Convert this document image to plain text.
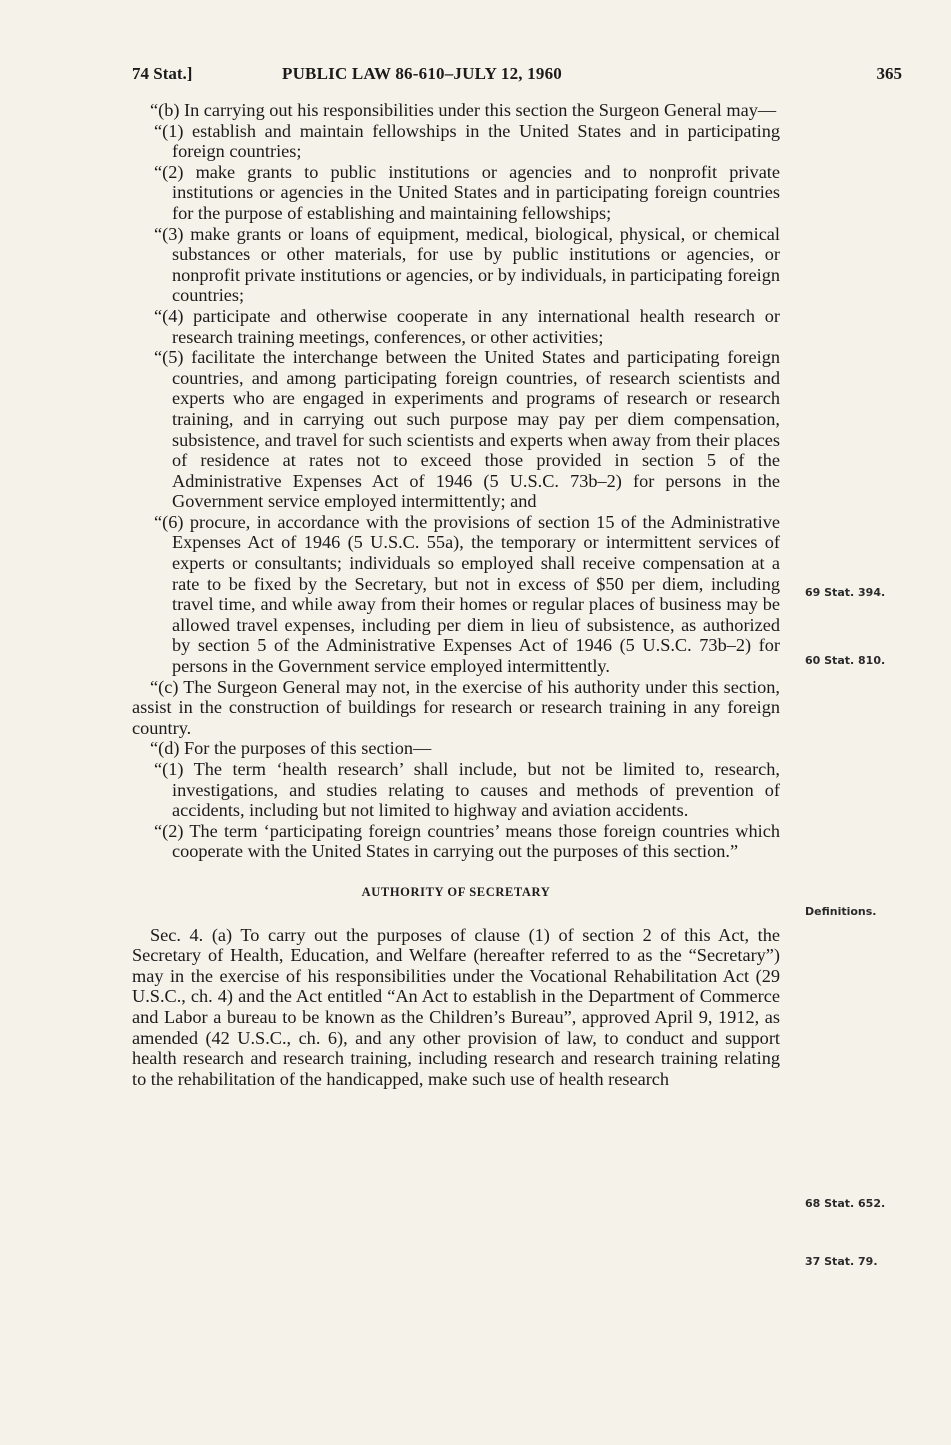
74 Stat.]	PUBLIC LAW 86-610–JULY 12, 1960	365

“(b) In carrying out his responsibilities under this section the Surgeon General may—

“(1) establish and maintain fellowships in the United States and in participating foreign countries;

“(2) make grants to public institutions or agencies and to nonprofit private institutions or agencies in the United States and in participating foreign countries for the purpose of establishing and maintaining fellowships;

“(3) make grants or loans of equipment, medical, biological, physical, or chemical substances or other materials, for use by public institutions or agencies, or nonprofit private institutions or agencies, or by individuals, in participating foreign countries;

“(4) participate and otherwise cooperate in any international health research or research training meetings, conferences, or other activities;

“(5) facilitate the interchange between the United States and participating foreign countries, and among participating foreign countries, of research scientists and experts who are engaged in experiments and programs of research or research training, and in carrying out such purpose may pay per diem compensation, subsistence, and travel for such scientists and experts when away from their places of residence at rates not to exceed those provided in section 5 of the Administrative Expenses Act of 1946 (5 U.S.C. 73b–2) for persons in the Government service employed intermittently; and

“(6) procure, in accordance with the provisions of section 15 of the Administrative Expenses Act of 1946 (5 U.S.C. 55a), the temporary or intermittent services of experts or consultants; individuals so employed shall receive compensation at a rate to be fixed by the Secretary, but not in excess of $50 per diem, including travel time, and while away from their homes or regular places of business may be allowed travel expenses, including per diem in lieu of subsistence, as authorized by section 5 of the Administrative Expenses Act of 1946 (5 U.S.C. 73b–2) for persons in the Government service employed intermittently.

“(c) The Surgeon General may not, in the exercise of his authority under this section, assist in the construction of buildings for research or research training in any foreign country.

“(d) For the purposes of this section—

“(1) The term ‘health research’ shall include, but not be limited to, research, investigations, and studies relating to causes and methods of prevention of accidents, including but not limited to highway and aviation accidents.

“(2) The term ‘participating foreign countries’ means those foreign countries which cooperate with the United States in carrying out the purposes of this section.”

AUTHORITY OF SECRETARY

Sec. 4. (a) To carry out the purposes of clause (1) of section 2 of this Act, the Secretary of Health, Education, and Welfare (hereafter referred to as the “Secretary”) may in the exercise of his responsibilities under the Vocational Rehabilitation Act (29 U.S.C., ch. 4) and the Act entitled “An Act to establish in the Department of Commerce and Labor a bureau to be known as the Children’s Bureau”, approved April 9, 1912, as amended (42 U.S.C., ch. 6), and any other provision of law, to conduct and support health research and research training, including research and research training relating to the rehabilitation of the handicapped, make such use of health research

69 Stat. 394.
60 Stat. 810.
Definitions.
68 Stat. 652.
37 Stat. 79.
